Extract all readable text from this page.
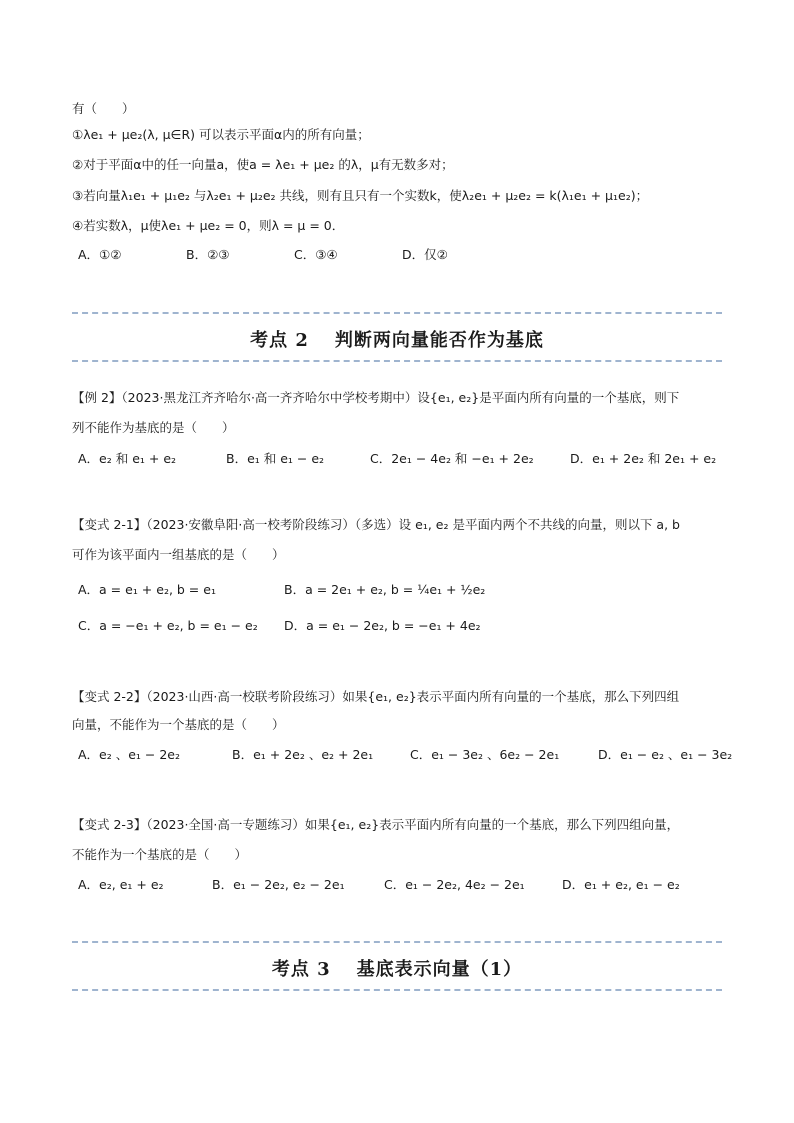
有（　　）
①λe₁ + μe₂(λ, μ∈R) 可以表示平面α内的所有向量；
②对于平面α中的任一向量a，使a = λe₁ + μe₂ 的λ，μ有无数多对；
③若向量λ₁e₁ + μ₁e₂ 与λ₂e₁ + μ₂e₂ 共线，则有且只有一个实数k，使λ₂e₁ + μ₂e₂ = k(λ₁e₁ + μ₁e₂)；
④若实数λ，μ使λe₁ + μe₂ = 0，则λ = μ = 0．
A．①②	B．②③	C．③④	D．仅②
考点 2 判断两向量能否作为基底
【例 2】（2023·黑龙江齐齐哈尔·高一齐齐哈尔中学校考期中）设{e₁, e₂}是平面内所有向量的一个基底，则下
列不能作为基底的是（　　）
A．e₂ 和 e₁ + e₂	B．e₁ 和 e₁ − e₂	C．2e₁ − 4e₂ 和 −e₁ + 2e₂	D．e₁ + 2e₂ 和 2e₁ + e₂
【变式 2-1】（2023·安徽阜阳·高一校考阶段练习）（多选）设 e₁, e₂ 是平面内两个不共线的向量，则以下 a, b
可作为该平面内一组基底的是（　　）
A．a = e₁ + e₂, b = e₁	B．a = 2e₁ + e₂, b = ¼e₁ + ½e₂
C．a = −e₁ + e₂, b = e₁ − e₂ D．a = e₁ − 2e₂, b = −e₁ + 4e₂
【变式 2-2】（2023·山西·高一校联考阶段练习）如果{e₁, e₂}表示平面内所有向量的一个基底，那么下列四组
向量，不能作为一个基底的是（　　）
A．e₂ 、e₁ − 2e₂	B．e₁ + 2e₂ 、e₂ + 2e₁	C．e₁ − 3e₂ 、6e₂ − 2e₁	D．e₁ − e₂ 、e₁ − 3e₂
【变式 2-3】（2023·全国·高一专题练习）如果{e₁, e₂}表示平面内所有向量的一个基底，那么下列四组向量，
不能作为一个基底的是（　　）
A．e₂, e₁ + e₂	B．e₁ − 2e₂, e₂ − 2e₁	C．e₁ − 2e₂, 4e₂ − 2e₁	D．e₁ + e₂, e₁ − e₂
考点 3 基底表示向量（1）
